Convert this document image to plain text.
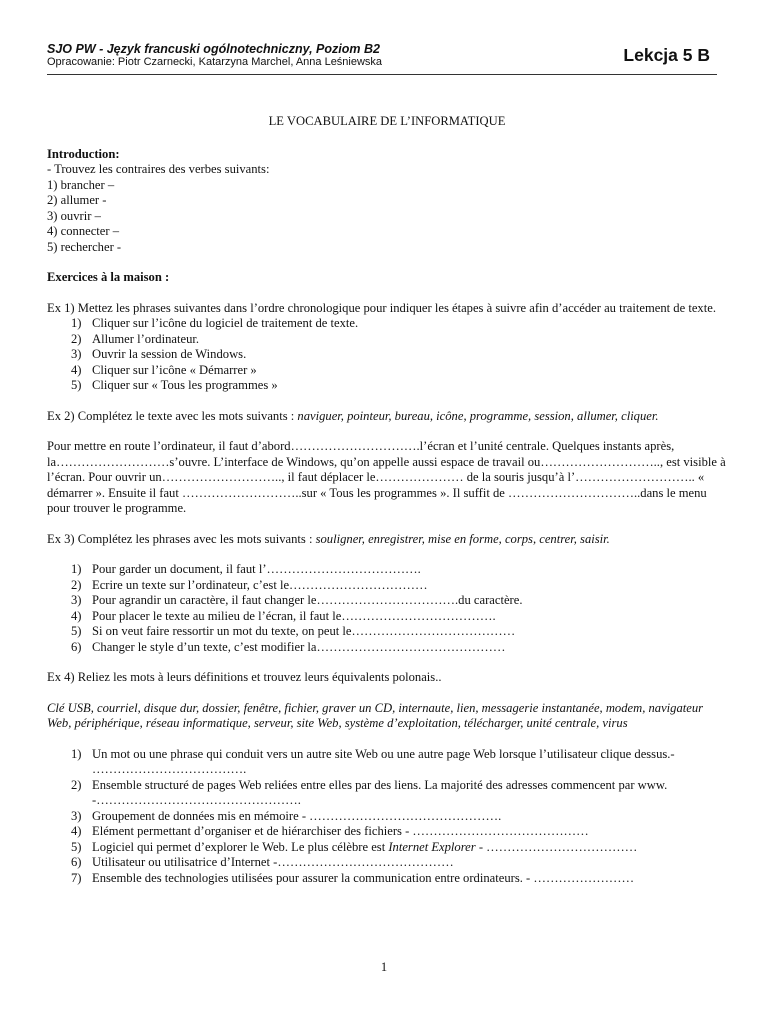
SJO PW - Język francuski ogólnotechniczny, Poziom B2
Opracowanie: Piotr Czarnecki, Katarzyna Marchel, Anna Leśniewska	Lekcja 5 B
LE VOCABULAIRE DE L’INFORMATIQUE
Introduction:
- Trouvez les contraires des verbes suivants:
1) brancher –
2) allumer -
3) ouvrir –
4) connecter –
5) rechercher -
Exercices à la maison :
Ex 1) Mettez les phrases suivantes dans l’ordre chronologique pour indiquer les étapes à suivre afin d’accéder au traitement de texte.
1) Cliquer sur l’icône du logiciel de traitement de texte.
2) Allumer l’ordinateur.
3) Ouvrir la session de Windows.
4) Cliquer sur l’icône « Démarrer »
5) Cliquer sur « Tous les programmes »
Ex 2) Complétez le texte avec les mots suivants : naviguer, pointeur, bureau, icône, programme, session, allumer, cliquer.
Pour mettre en route l’ordinateur, il faut d’abord………………………….l’écran et l’unité centrale. Quelques instants après, la………………………s’ouvre. L’interface de Windows, qu’on appelle aussi espace de travail ou……………………….., est visible à l’écran. Pour ouvrir un……………………….., il faut déplacer le………………… de la souris jusqu’à l’……………………….. « démarrer ». Ensuite il faut ………………………..sur « Tous les programmes ». Il suffit de …………………………..dans le menu pour trouver le programme.
Ex 3) Complétez les phrases avec les mots suivants : souligner, enregistrer, mise en forme, corps, centrer, saisir.
1) Pour garder un document, il faut l’……………………………….
2) Ecrire un texte sur l’ordinateur, c’est le……………………………
3) Pour agrandir un caractère, il faut changer le…………………………….du caractère.
4) Pour placer le texte au milieu de l’écran, il faut le……………………………….
5) Si on veut faire ressortir un mot du texte, on peut le…………………………………
6) Changer le style d’un texte, c’est modifier la………………………………………
Ex 4) Reliez les mots à leurs définitions et trouvez leurs équivalents polonais..
Clé USB, courriel, disque dur, dossier, fenêtre, fichier, graver un CD, internaute, lien, messagerie instantanée, modem, navigateur Web, périphérique, réseau informatique, serveur, site Web, système d’exploitation, télécharger, unité centrale, virus
1) Un mot ou une phrase qui conduit vers un autre site Web ou une autre page Web lorsque l’utilisateur clique dessus.- ……………………………….
2) Ensemble structuré de pages Web reliées entre elles par des liens. La majorité des adresses commencent par www. -………………………………………….
3) Groupement de données mis en mémoire - ……………………………………….
4) Elément permettant d’organiser et de hiérarchiser des fichiers - ……………………………………
5) Logiciel qui permet d’explorer le Web. Le plus célèbre est Internet Explorer - ………………………………
6) Utilisateur ou utilisatrice d’Internet -……………………………………
7) Ensemble des technologies utilisées pour assurer la communication entre ordinateurs. - ……………………
1
